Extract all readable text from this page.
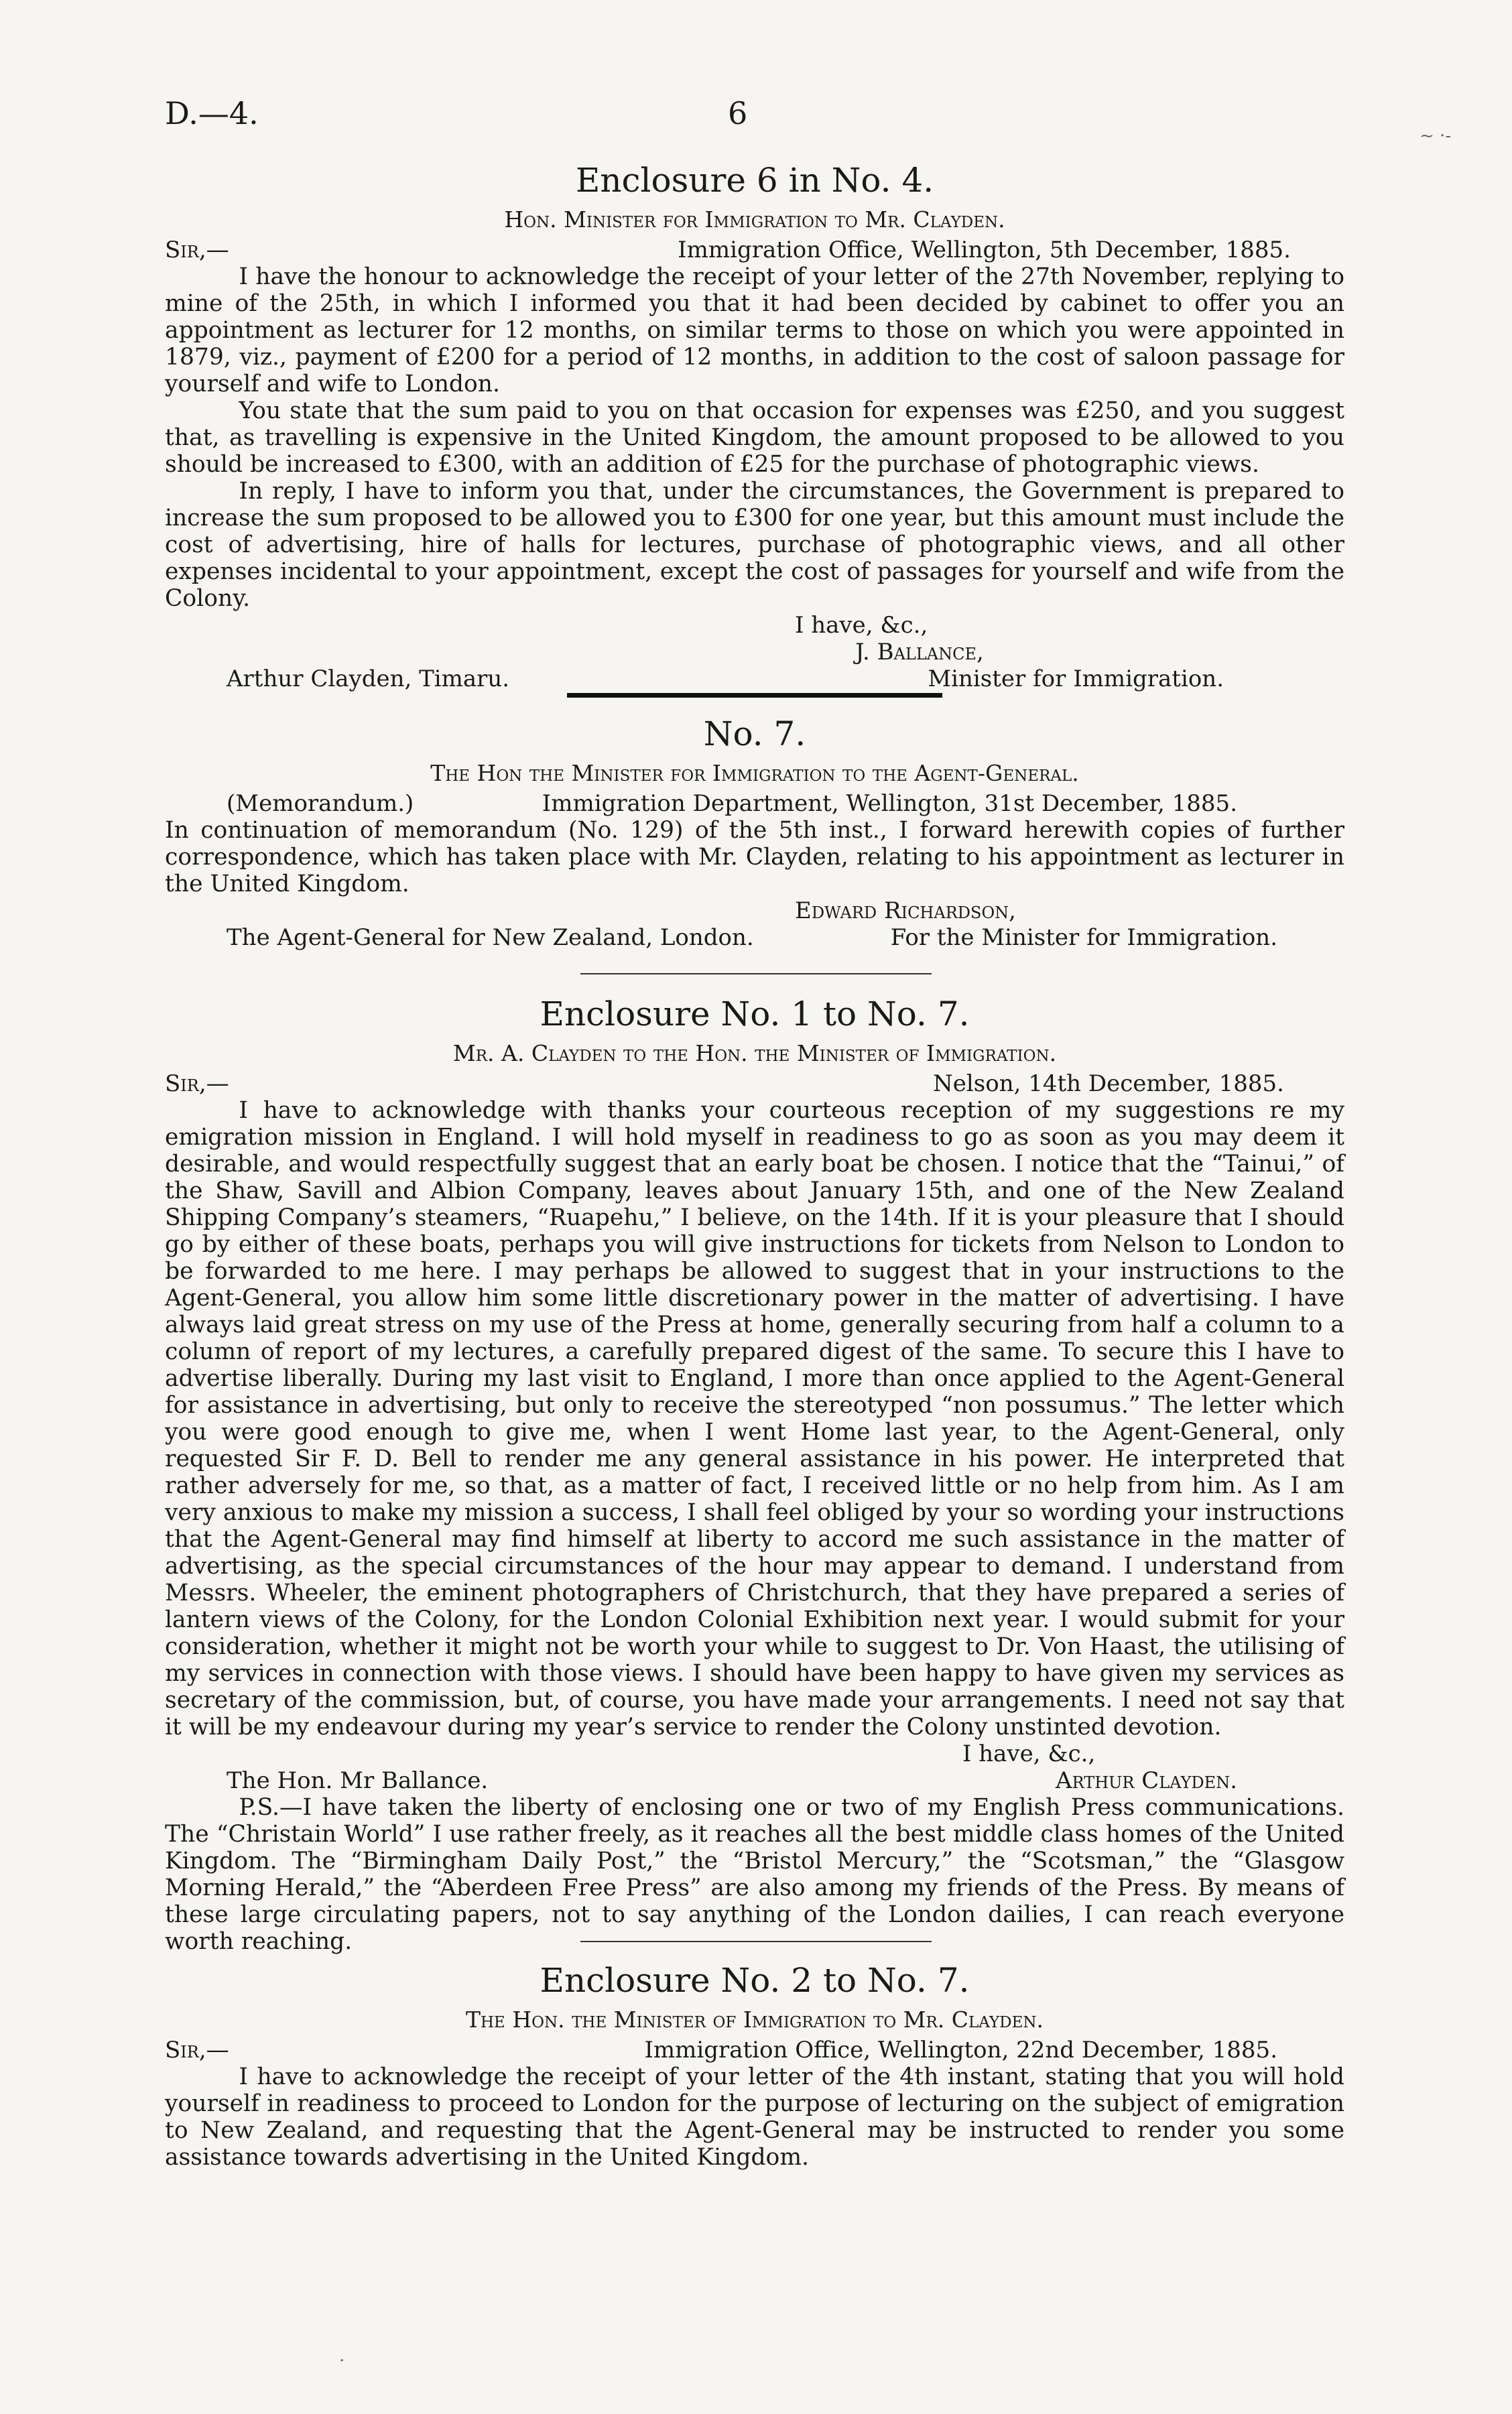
D.—4.	6
~ ·-
Enclosure 6 in No. 4.
Hon. Minister for Immigration to Mr. Clayden.
Sir,—	Immigration Office, Wellington, 5th December, 1885.

I have the honour to acknowledge the receipt of your letter of the 27th November, replying to mine of the 25th, in which I informed you that it had been decided by cabinet to offer you an appointment as lecturer for 12 months, on similar terms to those on which you were appointed in 1879, viz., payment of £200 for a period of 12 months, in addition to the cost of saloon passage for yourself and wife to London.

You state that the sum paid to you on that occasion for expenses was £250, and you suggest that, as travelling is expensive in the United Kingdom, the amount proposed to be allowed to you should be increased to £300, with an addition of £25 for the purchase of photographic views.

In reply, I have to inform you that, under the circumstances, the Government is prepared to increase the sum proposed to be allowed you to £300 for one year, but this amount must include the cost of advertising, hire of halls for lectures, purchase of photographic views, and all other expenses incidental to your appointment, except the cost of passages for yourself and wife from the Colony.

I have, &c.,
J. Ballance,
Arthur Clayden, Timaru.	Minister for Immigration.
No. 7.
The Hon the Minister for Immigration to the Agent-General.
(Memorandum.)	Immigration Department, Wellington, 31st December, 1885.

In continuation of memorandum (No. 129) of the 5th inst., I forward herewith copies of further correspondence, which has taken place with Mr. Clayden, relating to his appointment as lecturer in the United Kingdom.

Edward Richardson,
The Agent-General for New Zealand, London.	For the Minister for Immigration.
Enclosure No. 1 to No. 7.
Mr. A. Clayden to the Hon. the Minister of Immigration.
Sir,—	Nelson, 14th December, 1885.

I have to acknowledge with thanks your courteous reception of my suggestions re my emigration mission in England. I will hold myself in readiness to go as soon as you may deem it desirable, and would respectfully suggest that an early boat be chosen. I notice that the “Tainui,” of the Shaw, Savill and Albion Company, leaves about January 15th, and one of the New Zealand Shipping Company’s steamers, “Ruapehu,” I believe, on the 14th. If it is your pleasure that I should go by either of these boats, perhaps you will give instructions for tickets from Nelson to London to be forwarded to me here. I may perhaps be allowed to suggest that in your instructions to the Agent-General, you allow him some little discretionary power in the matter of advertising. I have always laid great stress on my use of the Press at home, generally securing from half a column to a column of report of my lectures, a carefully prepared digest of the same. To secure this I have to advertise liberally. During my last visit to England, I more than once applied to the Agent-General for assistance in advertising, but only to receive the stereotyped “non possumus.” The letter which you were good enough to give me, when I went Home last year, to the Agent-General, only requested Sir F. D. Bell to render me any general assistance in his power. He interpreted that rather adversely for me, so that, as a matter of fact, I received little or no help from him. As I am very anxious to make my mission a success, I shall feel obliged by your so wording your instructions that the Agent-General may find himself at liberty to accord me such assistance in the matter of advertising, as the special circumstances of the hour may appear to demand. I understand from Messrs. Wheeler, the eminent photographers of Christchurch, that they have prepared a series of lantern views of the Colony, for the London Colonial Exhibition next year. I would submit for your consideration, whether it might not be worth your while to suggest to Dr. Von Haast, the utilising of my services in connection with those views. I should have been happy to have given my services as secretary of the commission, but, of course, you have made your arrangements. I need not say that it will be my endeavour during my year’s service to render the Colony unstinted devotion.

I have, &c.,
The Hon. Mr Ballance.	Arthur Clayden.

P.S.—I have taken the liberty of enclosing one or two of my English Press communications. The “Christain World” I use rather freely, as it reaches all the best middle class homes of the United Kingdom. The “Birmingham Daily Post,” the “Bristol Mercury,” the “Scotsman,” the “Glasgow Morning Herald,” the “Aberdeen Free Press” are also among my friends of the Press. By means of these large circulating papers, not to say anything of the London dailies, I can reach everyone worth reaching.

Enclosure No. 2 to No. 7.
The Hon. the Minister of Immigration to Mr. Clayden.
Sir,—	Immigration Office, Wellington, 22nd December, 1885.

I have to acknowledge the receipt of your letter of the 4th instant, stating that you will hold yourself in readiness to proceed to London for the purpose of lecturing on the subject of emigration to New Zealand, and requesting that the Agent-General may be instructed to render you some assistance towards advertising in the United Kingdom.

·
